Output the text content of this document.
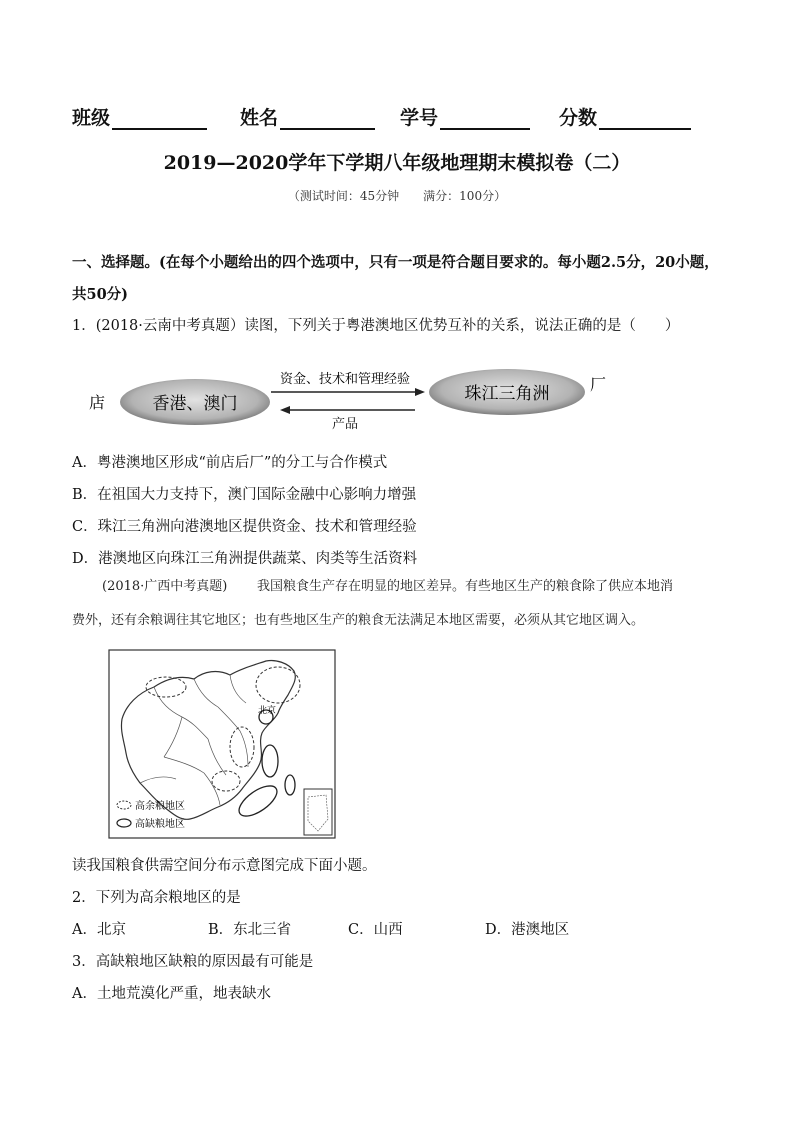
班级	姓名	学号	分数
2019—2020学年下学期八年级地理期末模拟卷（二）
（测试时间：45分钟　　满分：100分）
一、选择题。(在每个小题给出的四个选项中，只有一项是符合题目要求的。每小题2.5分，20小题，共50分)
1．(2018·云南中考真题）读图，下列关于粤港澳地区优势互补的关系，说法正确的是（　　）
店	香港、澳门
资金、技术和管理经验
产品
珠江三角洲	厂
A．粤港澳地区形成“前店后厂”的分工与合作模式
B．在祖国大力支持下，澳门国际金融中心影响力增强
C．珠江三角洲向港澳地区提供资金、技术和管理经验
D．港澳地区向珠江三角洲提供蔬菜、肉类等生活资料
(2018·广西中考真题) 我国粮食生产存在明显的地区差异。有些地区生产的粮食除了供应本地消
费外，还有余粮调往其它地区；也有些地区生产的粮食无法满足本地区需要，必须从其它地区调入。
北京
高余粮地区
高缺粮地区
读我国粮食供需空间分布示意图完成下面小题。
2．下列为高余粮地区的是
A．北京	B．东北三省	C．山西	D．港澳地区
3．高缺粮地区缺粮的原因最有可能是
A．土地荒漠化严重，地表缺水
